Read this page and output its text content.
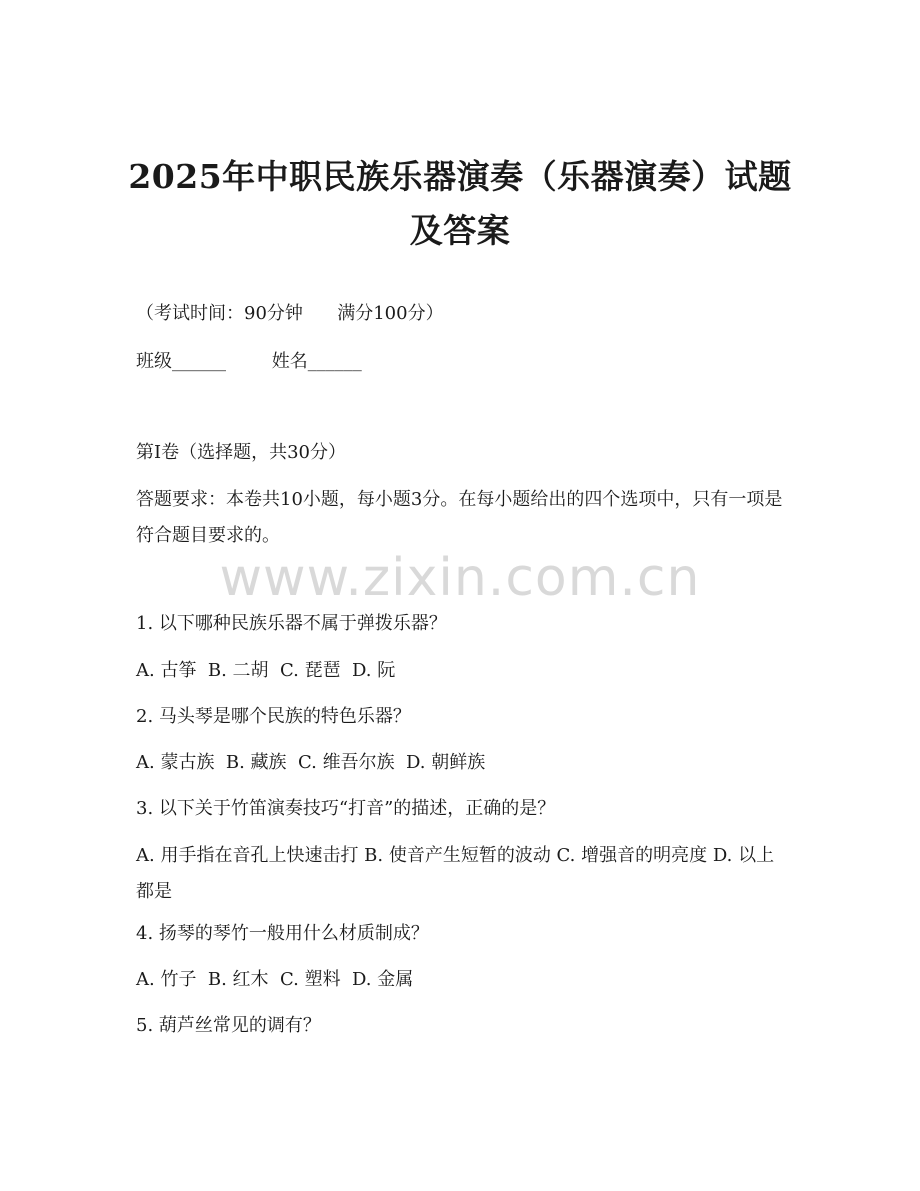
2025年中职民族乐器演奏（乐器演奏）试题
及答案
（考试时间：90分钟      满分100分）
班级______        姓名______
第I卷（选择题，共30分）
答题要求：本卷共10小题，每小题3分。在每小题给出的四个选项中，只有一项是符合题目要求的。
www.zixin.com.cn
1. 以下哪种民族乐器不属于弹拨乐器？
A. 古筝  B. 二胡  C. 琵琶  D. 阮
2. 马头琴是哪个民族的特色乐器？
A. 蒙古族  B. 藏族  C. 维吾尔族  D. 朝鲜族
3. 以下关于竹笛演奏技巧“打音”的描述，正确的是？
A. 用手指在音孔上快速击打 B. 使音产生短暂的波动 C. 增强音的明亮度 D. 以上都是
4. 扬琴的琴竹一般用什么材质制成？
A. 竹子  B. 红木  C. 塑料  D. 金属
5. 葫芦丝常见的调有？
